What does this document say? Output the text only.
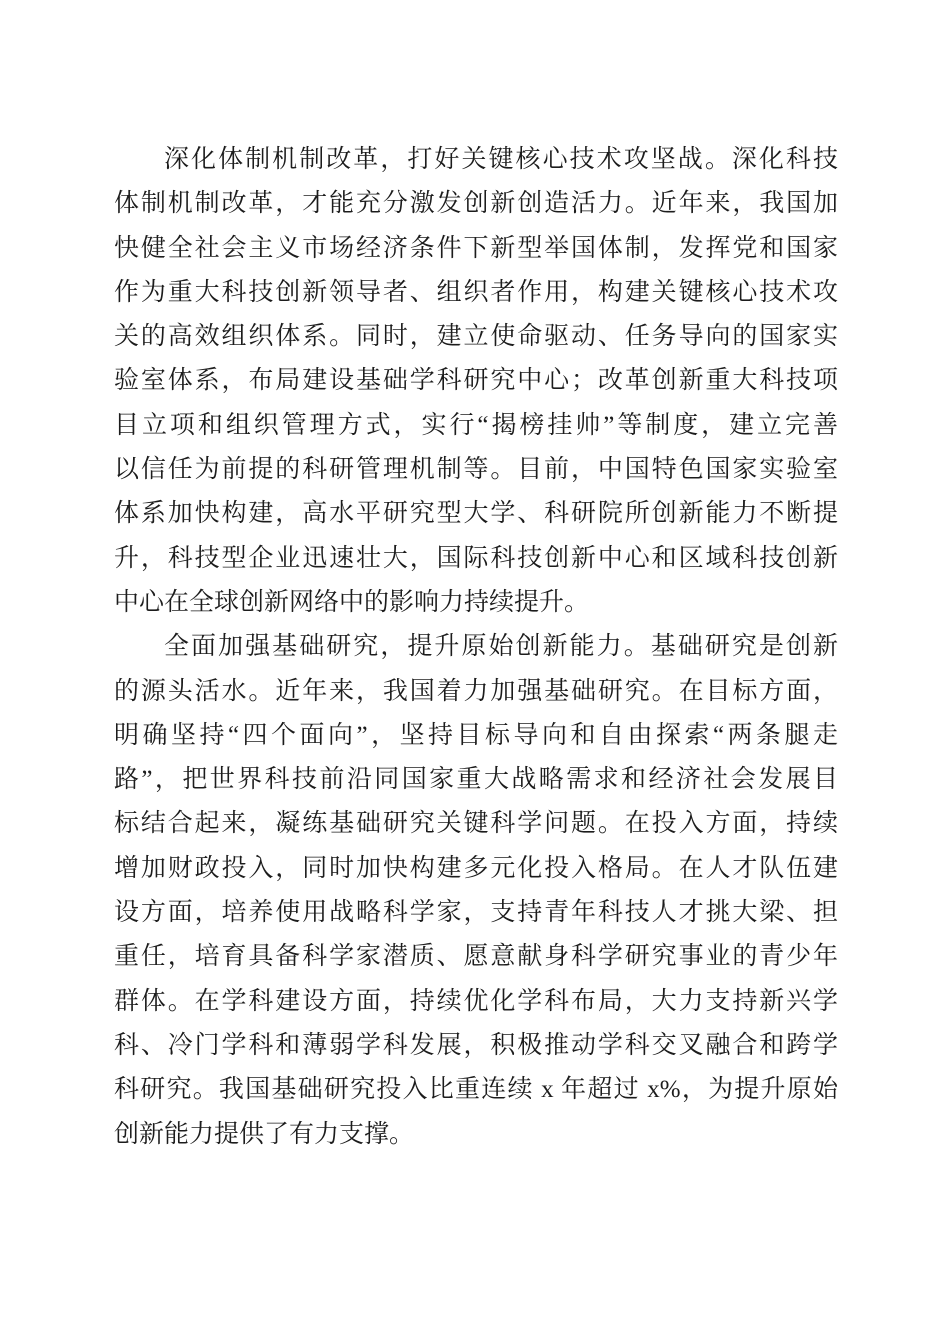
深化体制机制改革，打好关键核心技术攻坚战。深化科技
体制机制改革，才能充分激发创新创造活力。近年来，我国加
快健全社会主义市场经济条件下新型举国体制，发挥党和国家
作为重大科技创新领导者、组织者作用，构建关键核心技术攻
关的高效组织体系。同时，建立使命驱动、任务导向的国家实
验室体系，布局建设基础学科研究中心；改革创新重大科技项
目立项和组织管理方式，实行“揭榜挂帅”等制度，建立完善
以信任为前提的科研管理机制等。目前，中国特色国家实验室
体系加快构建，高水平研究型大学、科研院所创新能力不断提
升，科技型企业迅速壮大，国际科技创新中心和区域科技创新
中心在全球创新网络中的影响力持续提升。
全面加强基础研究，提升原始创新能力。基础研究是创新
的源头活水。近年来，我国着力加强基础研究。在目标方面，
明确坚持“四个面向”，坚持目标导向和自由探索“两条腿走
路”，把世界科技前沿同国家重大战略需求和经济社会发展目
标结合起来，凝练基础研究关键科学问题。在投入方面，持续
增加财政投入，同时加快构建多元化投入格局。在人才队伍建
设方面，培养使用战略科学家，支持青年科技人才挑大梁、担
重任，培育具备科学家潜质、愿意献身科学研究事业的青少年
群体。在学科建设方面，持续优化学科布局，大力支持新兴学
科、冷门学科和薄弱学科发展，积极推动学科交叉融合和跨学
科研究。我国基础研究投入比重连续 x 年超过 x%，为提升原始
创新能力提供了有力支撑。
